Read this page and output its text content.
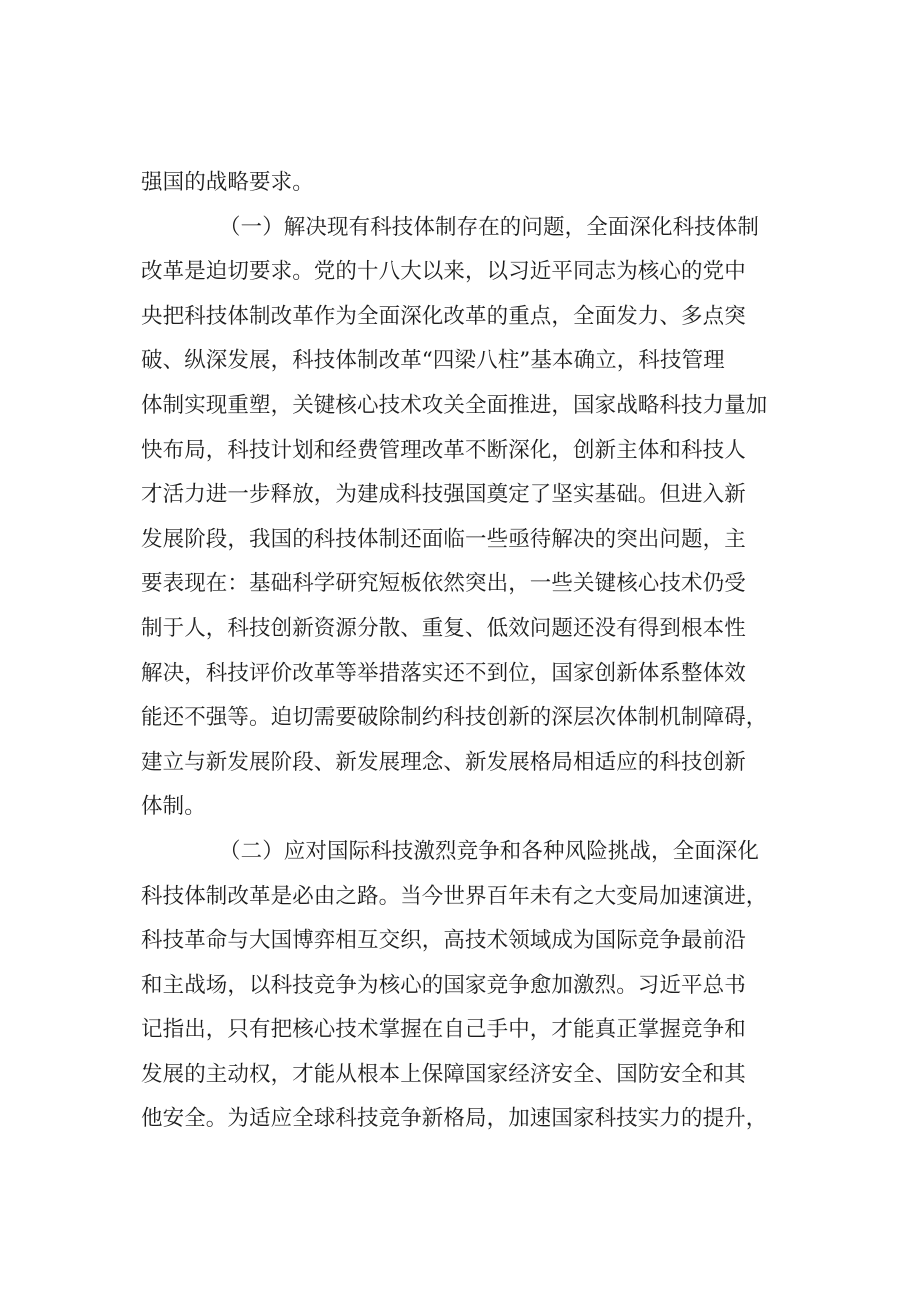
强国的战略要求。
（一）解决现有科技体制存在的问题，全面深化科技体制
改革是迫切要求。党的十八大以来，以习近平同志为核心的党中
央把科技体制改革作为全面深化改革的重点，全面发力、多点突
破、纵深发展，科技体制改革“四梁八柱”基本确立，科技管理
体制实现重塑，关键核心技术攻关全面推进，国家战略科技力量加
快布局，科技计划和经费管理改革不断深化，创新主体和科技人
才活力进一步释放，为建成科技强国奠定了坚实基础。但进入新
发展阶段，我国的科技体制还面临一些亟待解决的突出问题，主
要表现在：基础科学研究短板依然突出，一些关键核心技术仍受
制于人，科技创新资源分散、重复、低效问题还没有得到根本性
解决，科技评价改革等举措落实还不到位，国家创新体系整体效
能还不强等。迫切需要破除制约科技创新的深层次体制机制障碍，
建立与新发展阶段、新发展理念、新发展格局相适应的科技创新
体制。
（二）应对国际科技激烈竞争和各种风险挑战，全面深化
科技体制改革是必由之路。当今世界百年未有之大变局加速演进，
科技革命与大国博弈相互交织，高技术领域成为国际竞争最前沿
和主战场，以科技竞争为核心的国家竞争愈加激烈。习近平总书
记指出，只有把核心技术掌握在自己手中，才能真正掌握竞争和
发展的主动权，才能从根本上保障国家经济安全、国防安全和其
他安全。为适应全球科技竞争新格局，加速国家科技实力的提升，
